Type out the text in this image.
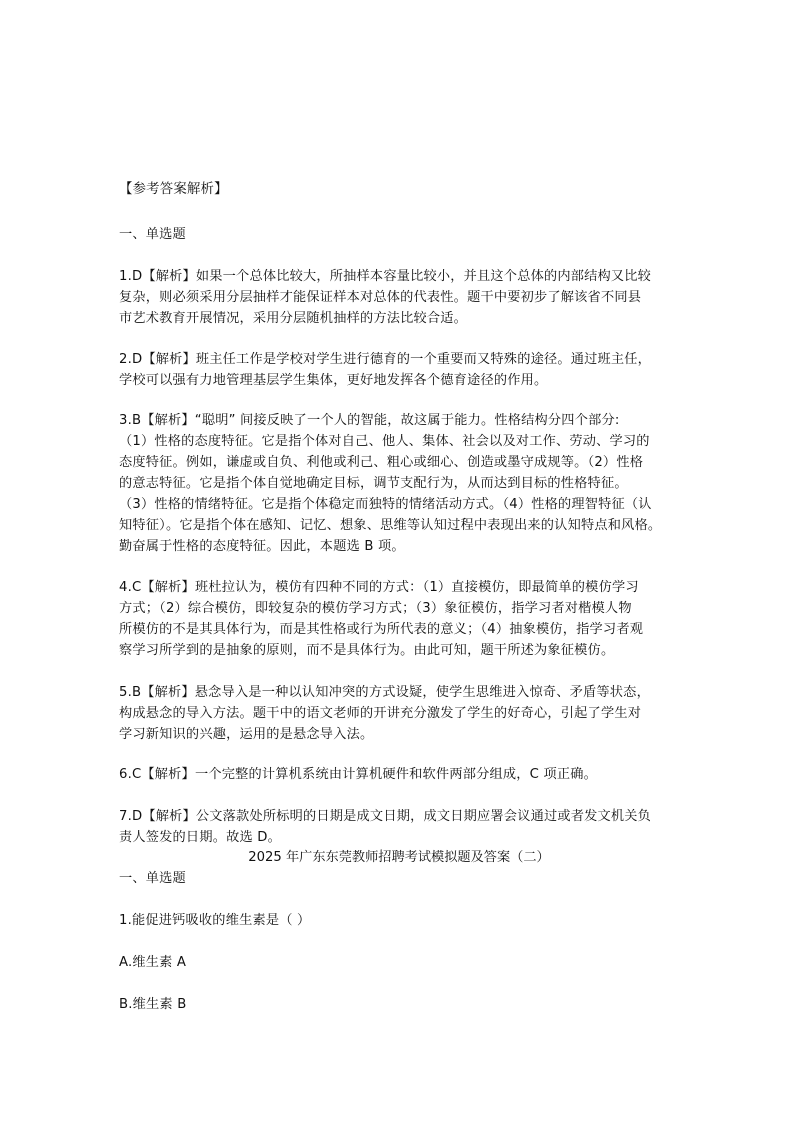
【参考答案解析】
一、单选题
1.D【解析】如果一个总体比较大，所抽样本容量比较小，并且这个总体的内部结构又比较
复杂，则必须采用分层抽样才能保证样本对总体的代表性。题干中要初步了解该省不同县
市艺术教育开展情况，采用分层随机抽样的方法比较合适。
2.D【解析】班主任工作是学校对学生进行德育的一个重要而又特殊的途径。通过班主任，
学校可以强有力地管理基层学生集体，更好地发挥各个德育途径的作用。
3.B【解析】“聪明” 间接反映了一个人的智能，故这属于能力。性格结构分四个部分:
（1）性格的态度特征。它是指个体对自己、他人、集体、社会以及对工作、劳动、学习的
态度特征。例如，谦虚或自负、利他或利己、粗心或细心、创造或墨守成规等。（2）性格
的意志特征。它是指个体自觉地确定目标，调节支配行为，从而达到目标的性格特征。
（3）性格的情绪特征。它是指个体稳定而独特的情绪活动方式。（4）性格的理智特征（认
知特征）。它是指个体在感知、记忆、想象、思维等认知过程中表现出来的认知特点和风格。
勤奋属于性格的态度特征。因此，本题选 B 项。
4.C【解析】班杜拉认为，模仿有四种不同的方式：（1）直接模仿，即最简单的模仿学习
方式；（2）综合模仿，即较复杂的模仿学习方式；（3）象征模仿，指学习者对楷模人物
所模仿的不是其具体行为，而是其性格或行为所代表的意义；（4）抽象模仿，指学习者观
察学习所学到的是抽象的原则，而不是具体行为。由此可知，题干所述为象征模仿。
5.B【解析】悬念导入是一种以认知冲突的方式设疑，使学生思维进入惊奇、矛盾等状态，
构成悬念的导入方法。题干中的语文老师的开讲充分激发了学生的好奇心，引起了学生对
学习新知识的兴趣，运用的是悬念导入法。
6.C【解析】一个完整的计算机系统由计算机硬件和软件两部分组成，C 项正确。
7.D【解析】公文落款处所标明的日期是成文日期，成文日期应署会议通过或者发文机关负
责人签发的日期。故选 D。
2025 年广东东莞教师招聘考试模拟题及答案（二）
一、单选题
1.能促进钙吸收的维生素是（ ）
A.维生素 A
B.维生素 B
